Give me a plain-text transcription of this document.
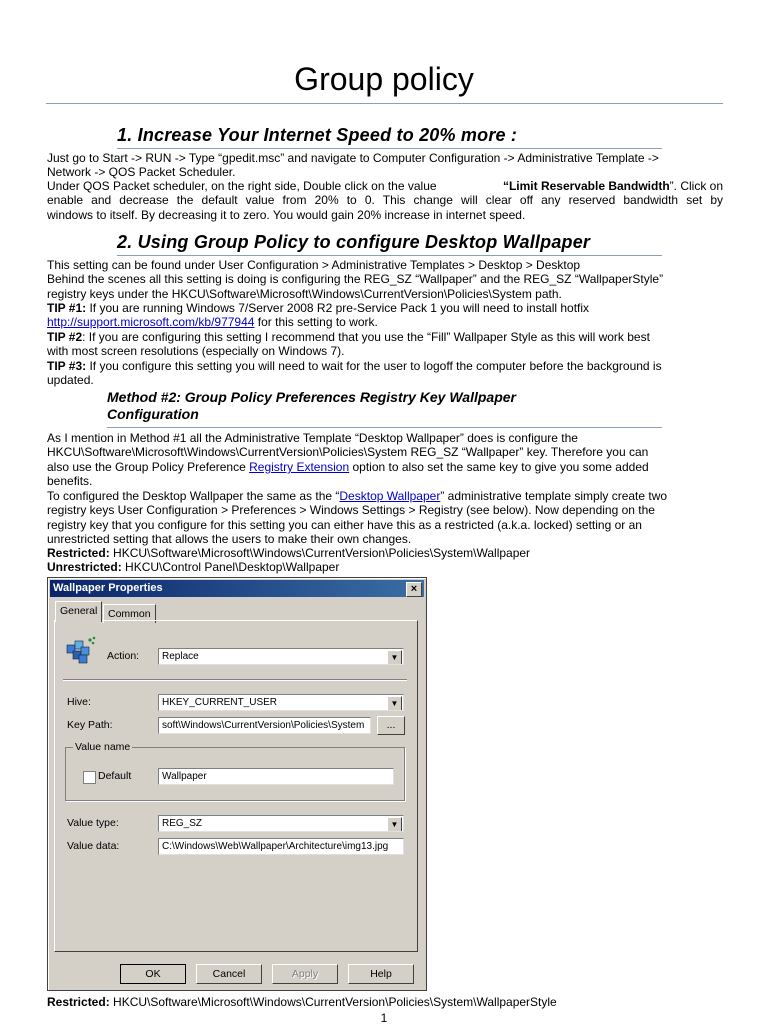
Group policy
1. Increase Your Internet Speed to 20% more :
Just go to Start -> RUN -> Type “gpedit.msc” and navigate to Computer Configuration -> Administrative Template ->
Network -> QOS Packet Scheduler.
Under QOS Packet scheduler, on the right side, Double click on the value	“Limit Reservable Bandwidth”. Click on
enable and decrease the default value from 20% to 0. This change will clear off any reserved bandwidth set by
windows to itself. By decreasing it to zero. You would gain 20% increase in internet speed.
2. Using Group Policy to configure Desktop Wallpaper
This setting can be found under User Configuration > Administrative Templates > Desktop > Desktop
Behind the scenes all this setting is doing is configuring the REG_SZ “Wallpaper” and the REG_SZ “WallpaperStyle”
registry keys under the HKCU\Software\Microsoft\Windows\CurrentVersion\Policies\System path.
TIP #1: If you are running Windows 7/Server 2008 R2 pre-Service Pack 1 you will need to install hotfix
http://support.microsoft.com/kb/977944 for this setting to work.
TIP #2: If you are configuring this setting I recommend that you use the “Fill” Wallpaper Style as this will work best
with most screen resolutions (especially on Windows 7).
TIP #3: If you configure this setting you will need to wait for the user to logoff the computer before the background is
updated.
Method #2: Group Policy Preferences Registry Key Wallpaper
Configuration
As I mention in Method #1 all the Administrative Template “Desktop Wallpaper” does is configure the
HKCU\Software\Microsoft\Windows\CurrentVersion\Policies\System REG_SZ “Wallpaper” key. Therefore you can
also use the Group Policy Preference Registry Extension option to also set the same key to give you some added
benefits.
To configured the Desktop Wallpaper the same as the “Desktop Wallpaper” administrative template simply create two
registry keys User Configuration > Preferences > Windows Settings > Registry (see below). Now depending on the
registry key that you configure for this setting you can either have this as a restricted (a.k.a. locked) setting or an
unrestricted setting that allows the users to make their own changes.
Restricted: HKCU\Software\Microsoft\Windows\CurrentVersion\Policies\System\Wallpaper
Unrestricted: HKCU\Control Panel\Desktop\Wallpaper
Wallpaper Properties	×
General	Common
Action:	Replace	▼
Hive:	HKEY_CURRENT_USER	▼
Key Path:	soft\Windows\CurrentVersion\Policies\System	...
Value name
Default	Wallpaper
Value type:	REG_SZ	▼
Value data:	C:\Windows\Web\Wallpaper\Architecture\img13.jpg
OK	Cancel	Apply	Help
Restricted: HKCU\Software\Microsoft\Windows\CurrentVersion\Policies\System\WallpaperStyle
1
